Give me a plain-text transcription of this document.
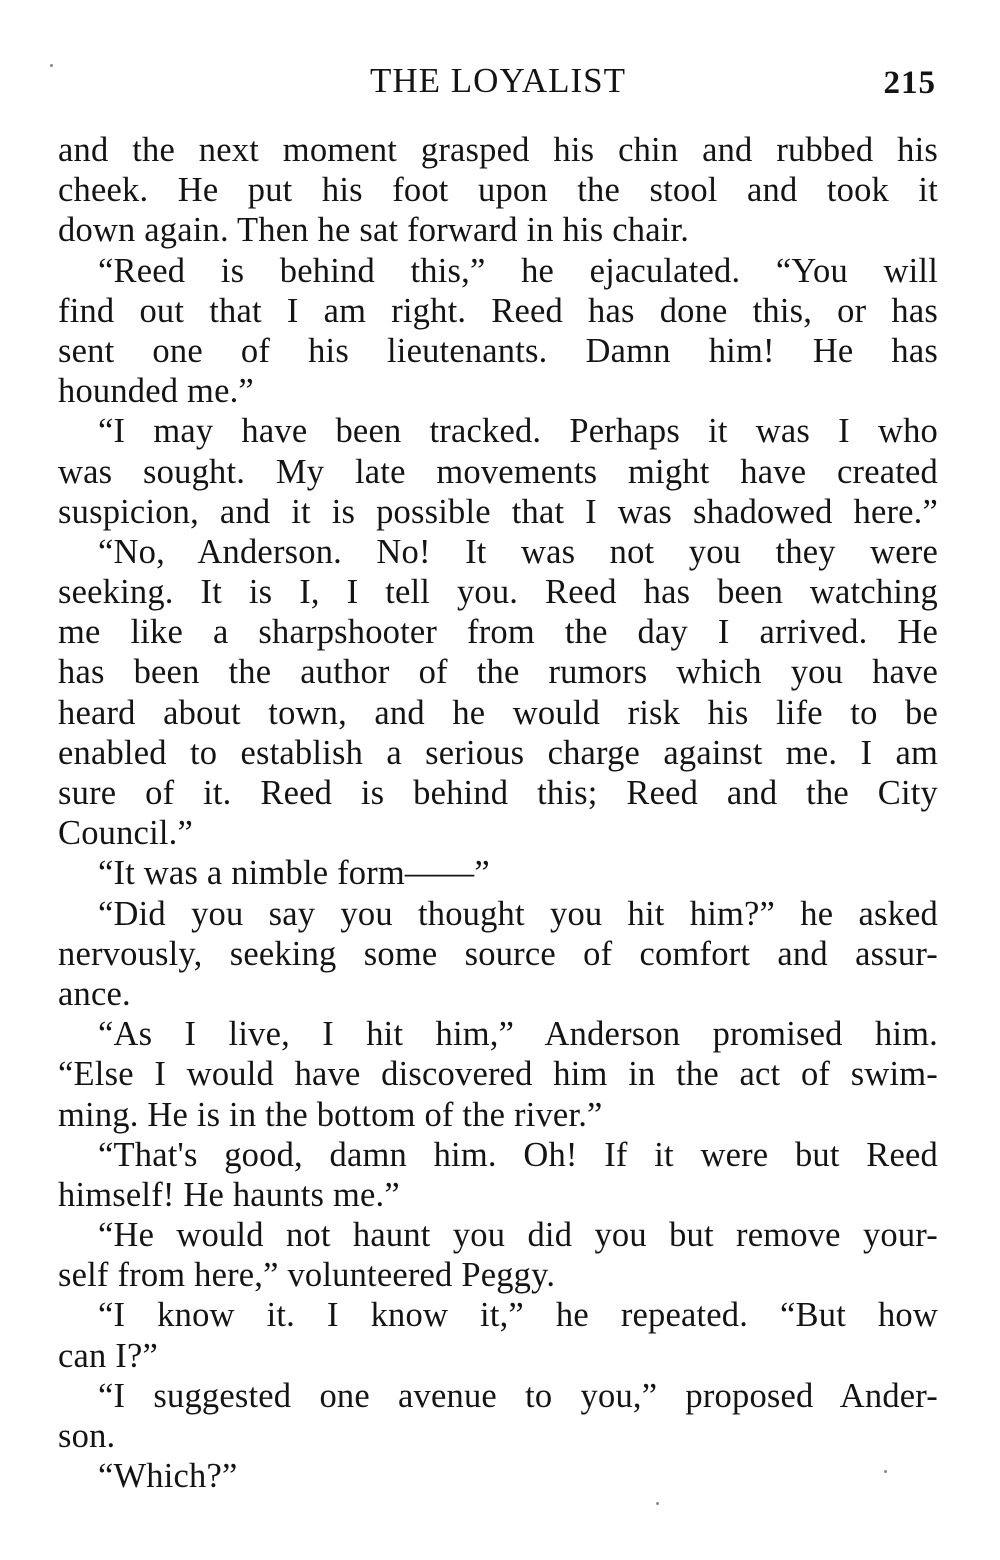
THE LOYALIST	215
and the next moment grasped his chin and rubbed his
cheek. He put his foot upon the stool and took it
down again. Then he sat forward in his chair.
“Reed is behind this,” he ejaculated. “You will
find out that I am right. Reed has done this, or has
sent one of his lieutenants. Damn him! He has
hounded me.”
“I may have been tracked. Perhaps it was I who
was sought. My late movements might have created
suspicion, and it is possible that I was shadowed here.”
“No, Anderson. No! It was not you they were
seeking. It is I, I tell you. Reed has been watching
me like a sharpshooter from the day I arrived. He
has been the author of the rumors which you have
heard about town, and he would risk his life to be
enabled to establish a serious charge against me. I am
sure of it. Reed is behind this; Reed and the City
Council.”
“It was a nimble form——”
“Did you say you thought you hit him?” he asked
nervously, seeking some source of comfort and assur-
ance.
“As I live, I hit him,” Anderson promised him.
“Else I would have discovered him in the act of swim-
ming. He is in the bottom of the river.”
“That's good, damn him. Oh! If it were but Reed
himself! He haunts me.”
“He would not haunt you did you but remove your-
self from here,” volunteered Peggy.
“I know it. I know it,” he repeated. “But how
can I?”
“I suggested one avenue to you,” proposed Ander-
son.
“Which?”
